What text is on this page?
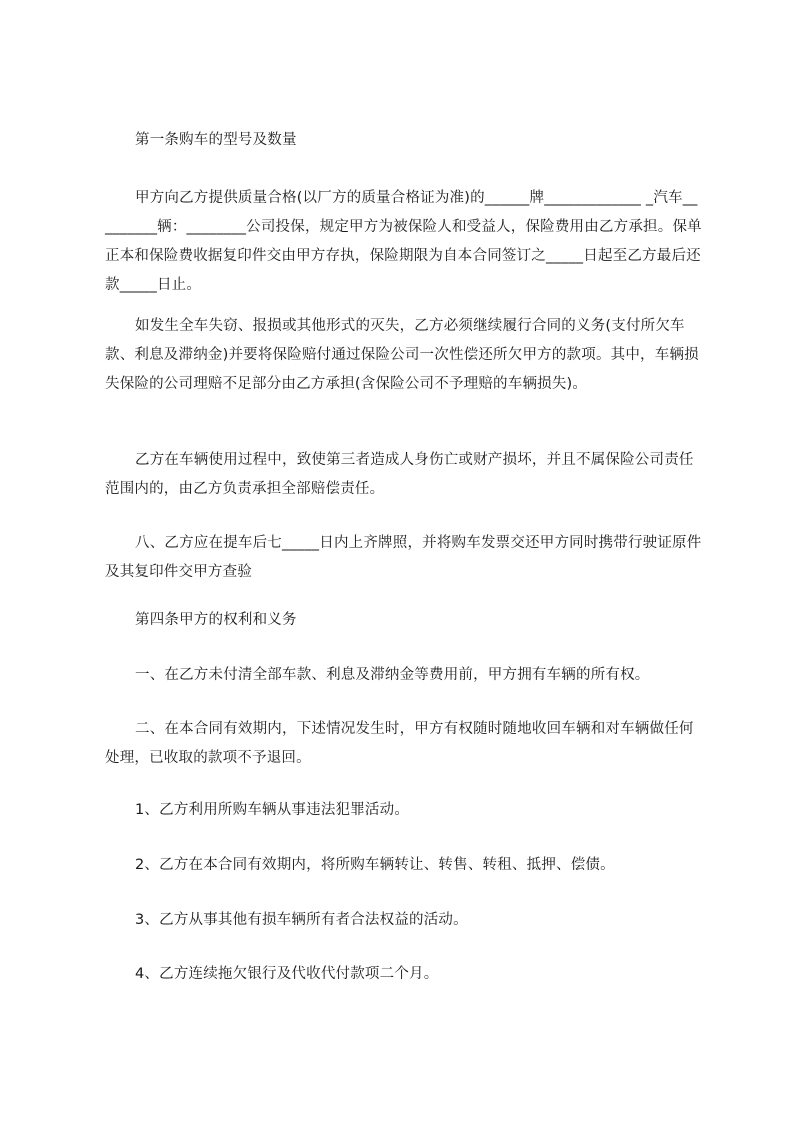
第一条购车的型号及数量

甲方向乙方提供质量合格(以厂方的质量合格证为准)的______牌_____________ _汽车_________辆：________公司投保，规定甲方为被保险人和受益人，保险费用由乙方承担。保单正本和保险费收据复印件交由甲方存执，保险期限为自本合同签订之_____日起至乙方最后还款_____日止。

如发生全车失窃、报损或其他形式的灭失，乙方必须继续履行合同的义务(支付所欠车款、利息及滞纳金)并要将保险赔付通过保险公司一次性偿还所欠甲方的款项。其中，车辆损失保险的公司理赔不足部分由乙方承担(含保险公司不予理赔的车辆损失)。

乙方在车辆使用过程中，致使第三者造成人身伤亡或财产损坏，并且不属保险公司责任范围内的，由乙方负责承担全部赔偿责任。

八、乙方应在提车后七_____日内上齐牌照，并将购车发票交还甲方同时携带行驶证原件及其复印件交甲方查验

第四条甲方的权利和义务

一、在乙方未付清全部车款、利息及滞纳金等费用前，甲方拥有车辆的所有权。

二、在本合同有效期内，下述情况发生时，甲方有权随时随地收回车辆和对车辆做任何处理，已收取的款项不予退回。

1、乙方利用所购车辆从事违法犯罪活动。

2、乙方在本合同有效期内，将所购车辆转让、转售、转租、抵押、偿债。

3、乙方从事其他有损车辆所有者合法权益的活动。

4、乙方连续拖欠银行及代收代付款项二个月。
